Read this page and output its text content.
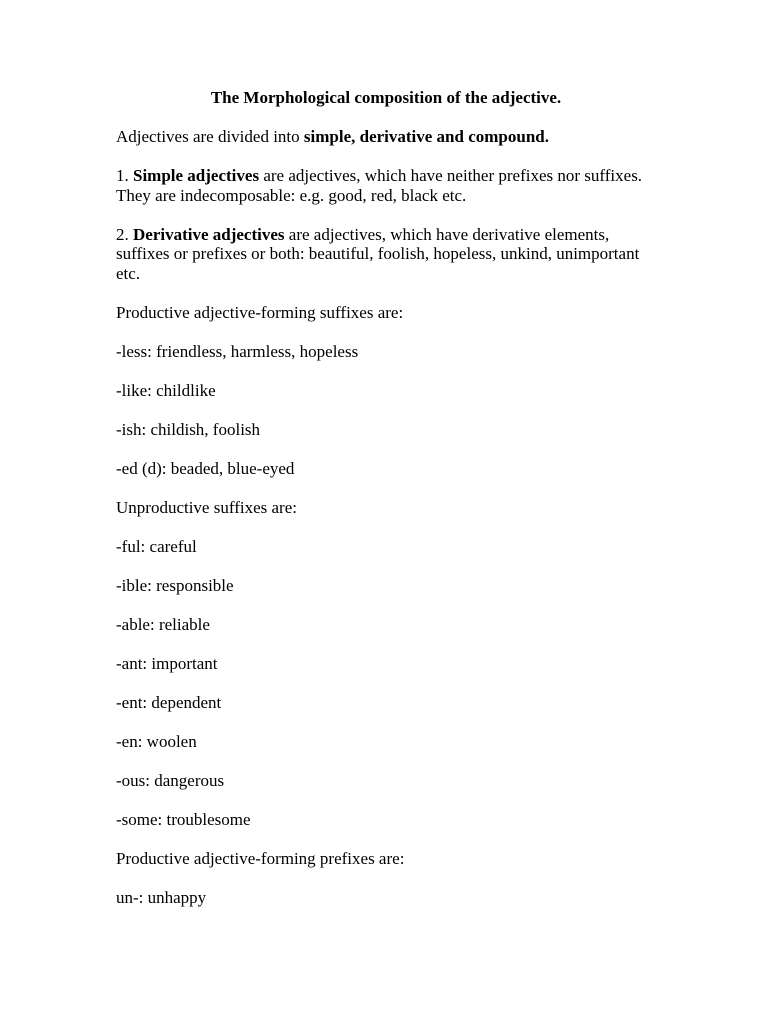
The Morphological composition of the adjective.

Adjectives are divided into simple, derivative and compound.

1. Simple adjectives are adjectives, which have neither prefixes nor suffixes. They are indecomposable: e.g. good, red, black etc.

2. Derivative adjectives are adjectives, which have derivative elements, suffixes or prefixes or both: beautiful, foolish, hopeless, unkind, unimportant etc.

Productive adjective-forming suffixes are:

-less: friendless, harmless, hopeless

-like: childlike

-ish: childish, foolish

-ed (d): beaded, blue-eyed

Unproductive suffixes are:

-ful: careful

-ible: responsible

-able: reliable

-ant: important

-ent: dependent

-en: woolen

-ous: dangerous

-some: troublesome

Productive adjective-forming prefixes are:

un-: unhappy
